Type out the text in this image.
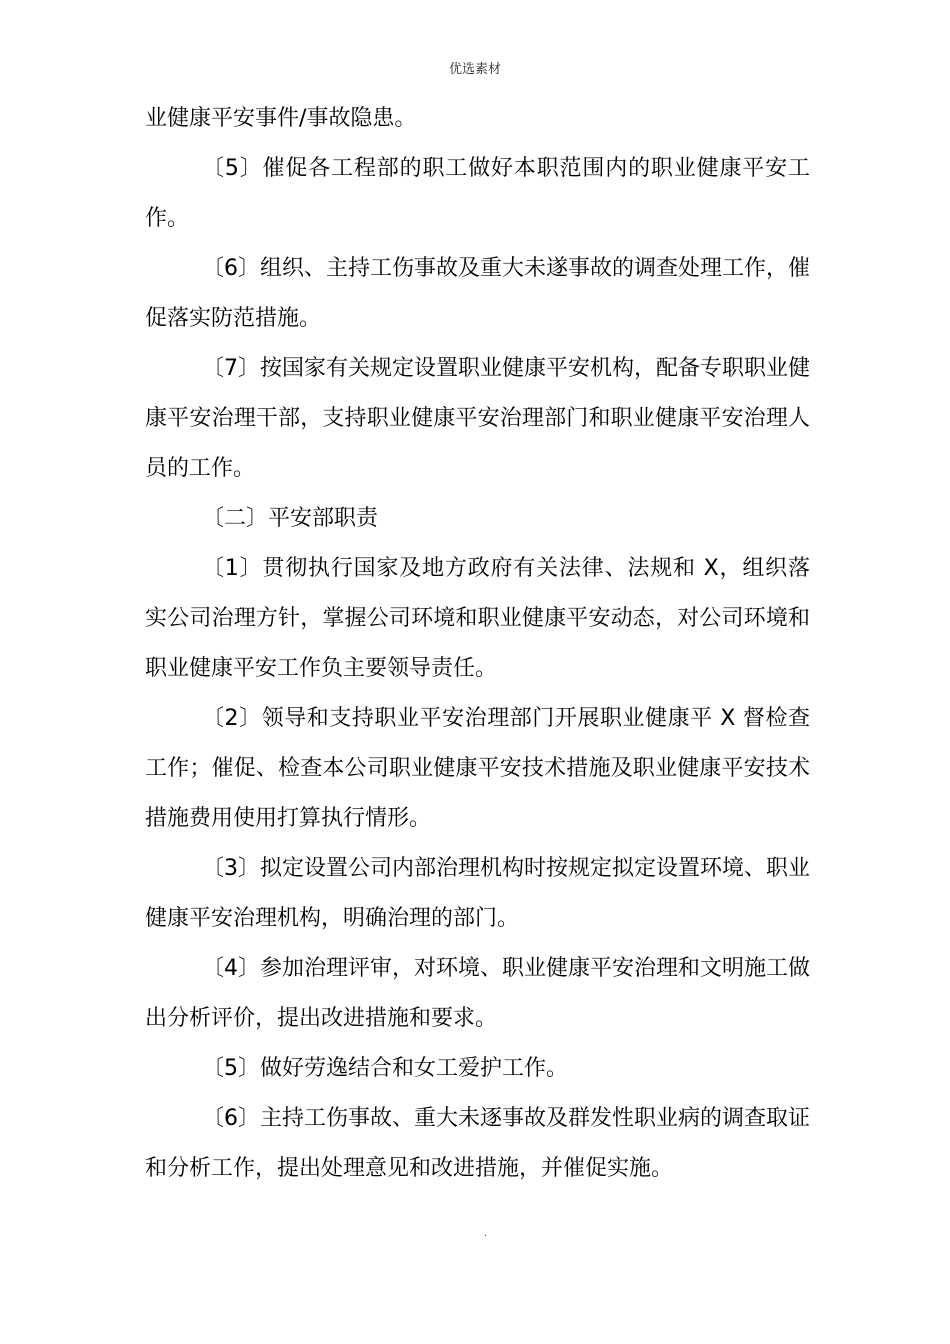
优选素材

业健康平安事件/事故隐患。

〔5〕催促各工程部的职工做好本职范围内的职业健康平安工作。

〔6〕组织、主持工伤事故及重大未遂事故的调查处理工作，催促落实防范措施。

〔7〕按国家有关规定设置职业健康平安机构，配备专职职业健康平安治理干部，支持职业健康平安治理部门和职业健康平安治理人员的工作。

〔二〕平安部职责

〔1〕贯彻执行国家及地方政府有关法律、法规和 X，组织落实公司治理方针，掌握公司环境和职业健康平安动态，对公司环境和职业健康平安工作负主要领导责任。

〔2〕领导和支持职业平安治理部门开展职业健康平 X 督检查工作；催促、检查本公司职业健康平安技术措施及职业健康平安技术措施费用使用打算执行情形。

〔3〕拟定设置公司内部治理机构时按规定拟定设置环境、职业健康平安治理机构，明确治理的部门。

〔4〕参加治理评审，对环境、职业健康平安治理和文明施工做出分析评价，提出改进措施和要求。

〔5〕做好劳逸结合和女工爱护工作。

〔6〕主持工伤事故、重大未逐事故及群发性职业病的调查取证和分析工作，提出处理意见和改进措施，并催促实施。

.
